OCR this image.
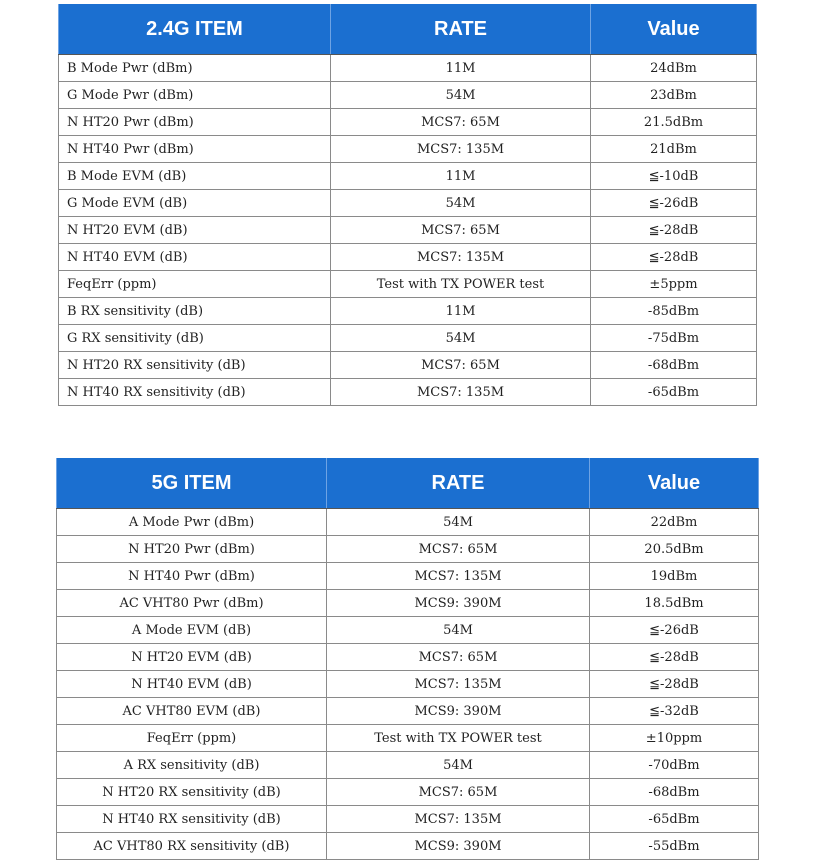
2.4G ITEM	RATE	Value
B Mode Pwr (dBm)	11M	24dBm
G Mode Pwr (dBm)	54M	23dBm
N HT20 Pwr (dBm)	MCS7: 65M	21.5dBm
N HT40 Pwr (dBm)	MCS7: 135M	21dBm
B Mode EVM (dB)	11M	≦-10dB
G Mode EVM (dB)	54M	≦-26dB
N HT20 EVM (dB)	MCS7: 65M	≦-28dB
N HT40 EVM (dB)	MCS7: 135M	≦-28dB
FeqErr (ppm)	Test with TX POWER test	±5ppm
B RX sensitivity (dB)	11M	-85dBm
G RX sensitivity (dB)	54M	-75dBm
N HT20 RX sensitivity (dB)	MCS7: 65M	-68dBm
N HT40 RX sensitivity (dB)	MCS7: 135M	-65dBm
5G ITEM	RATE	Value
A Mode Pwr (dBm)	54M	22dBm
N HT20 Pwr (dBm)	MCS7: 65M	20.5dBm
N HT40 Pwr (dBm)	MCS7: 135M	19dBm
AC VHT80 Pwr (dBm)	MCS9: 390M	18.5dBm
A Mode EVM (dB)	54M	≦-26dB
N HT20 EVM (dB)	MCS7: 65M	≦-28dB
N HT40 EVM (dB)	MCS7: 135M	≦-28dB
AC VHT80 EVM (dB)	MCS9: 390M	≦-32dB
FeqErr (ppm)	Test with TX POWER test	±10ppm
A RX sensitivity (dB)	54M	-70dBm
N HT20 RX sensitivity (dB)	MCS7: 65M	-68dBm
N HT40 RX sensitivity (dB)	MCS7: 135M	-65dBm
AC VHT80 RX sensitivity (dB)	MCS9: 390M	-55dBm
